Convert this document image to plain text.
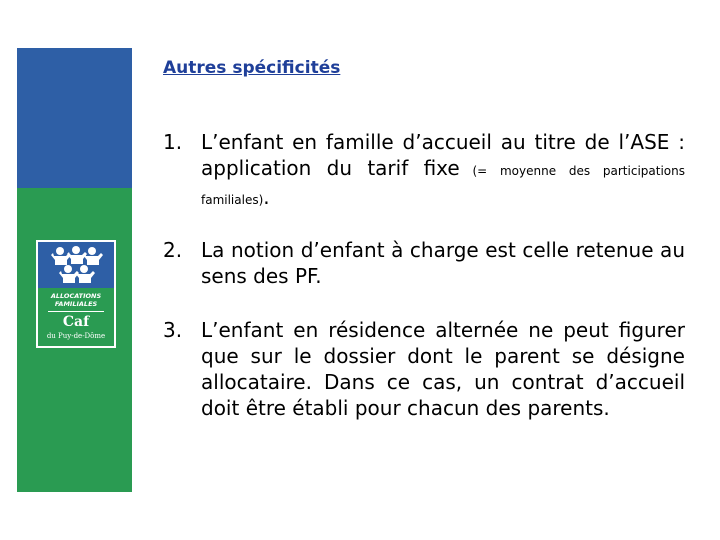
ALLOCATIONS
FAMILIALES
Caf
du Puy-de-Dôme
Autres spécificités
1. L’enfant en famille d’accueil au titre de l’ASE : application du tarif fixe (= moyenne des participations familiales).
2. La notion d’enfant à charge est celle retenue au sens des PF.
3. L’enfant en résidence alternée ne peut figurer que sur le dossier dont le parent se désigne allocataire. Dans ce cas, un contrat d’accueil doit être établi pour chacun des parents.
